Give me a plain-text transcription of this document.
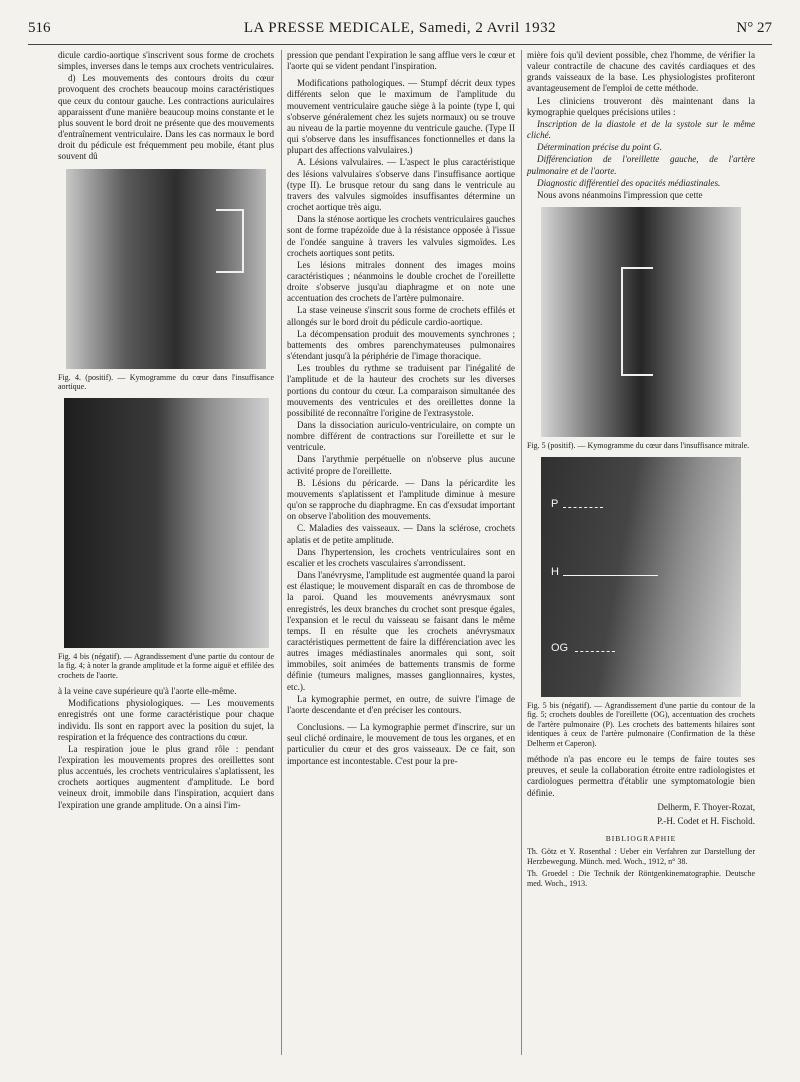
516	LA PRESSE MEDICALE, Samedi, 2 Avril 1932	N° 27
dicule cardio-aortique s'inscrivent sous forme de crochets simples, inverses dans le temps aux crochets ventriculaires.
d) Les mouvements des contours droits du cœur provoquent des crochets beaucoup moins caractéristiques que ceux du contour gauche. Les contractions auriculaires apparaissent d'une manière beaucoup moins constante et le plus souvent le bord droit ne présente que des mouvements d'entraînement ventriculaire. Dans les cas normaux le bord droit du pédicule est fréquemment peu mobile, étant plus souvent dû
Fig. 4. (positif). — Kymogramme du cœur dans l'insuffisance aortique.
Fig. 4 bis (négatif). — Agrandissement d'une partie du contour de la fig. 4; à noter la grande amplitude et la forme aiguë et effilée des crochets de l'aorte.
à la veine cave supérieure qu'à l'aorte elle-même.
Modifications physiologiques. — Les mouvements enregistrés ont une forme caractéristique pour chaque individu. Ils sont en rapport avec la position du sujet, la respiration et la fréquence des contractions du cœur.
La respiration joue le plus grand rôle : pendant l'expiration les mouvements propres des oreillettes sont plus accentués, les crochets ventriculaires s'aplatissent, les crochets aortiques augmentent d'amplitude. Le bord veineux droit, immobile dans l'inspiration, acquiert dans l'expiration une grande amplitude. On a ainsi l'im-
pression que pendant l'expiration le sang afflue vers le cœur et l'aorte qui se vident pendant l'inspiration.
Modifications pathologiques. — Stumpf décrit deux types différents selon que le maximum de l'amplitude du mouvement ventriculaire gauche siège à la pointe (type I, qui s'observe généralement chez les sujets normaux) ou se trouve au niveau de la partie moyenne du ventricule gauche. (Type II qui s'observe dans les insuffisances fonctionnelles et dans la plupart des affections valvulaires.)
A. Lésions valvulaires. — L'aspect le plus caractéristique des lésions valvulaires s'observe dans l'insuffisance aortique (type II). Le brusque retour du sang dans le ventricule au travers des valvules sigmoïdes insuffisantes détermine un crochet aortique très aigu.
Dans la sténose aortique les crochets ventriculaires gauches sont de forme trapézoïde due à la résistance opposée à l'issue de l'ondée sanguine à travers les valvules sigmoïdes. Les crochets aortiques sont petits.
Les lésions mitrales donnent des images moins caractéristiques ; néanmoins le double crochet de l'oreillette droite s'observe jusqu'au diaphragme et on note une accentuation des crochets de l'artère pulmonaire.
La stase veineuse s'inscrit sous forme de crochets effilés et allongés sur le bord droit du pédicule cardio-aortique.
La décompensation produit des mouvements synchrones ; battements des ombres parenchymateuses pulmonaires s'étendant jusqu'à la périphérie de l'image thoracique.
Les troubles du rythme se traduisent par l'inégalité de l'amplitude et de la hauteur des crochets sur les diverses portions du contour du cœur. La comparaison simultanée des mouvements des ventricules et des oreillettes donne la possibilité de reconnaître l'origine de l'extrasystole.
Dans la dissociation auriculo-ventriculaire, on compte un nombre différent de contractions sur l'oreillette et sur le ventricule.
Dans l'arythmie perpétuelle on n'observe plus aucune activité propre de l'oreillette.
B. Lésions du péricarde. — Dans la péricardite les mouvements s'aplatissent et l'amplitude diminue à mesure qu'on se rapproche du diaphragme. En cas d'exsudat important on observe l'abolition des mouvements.
C. Maladies des vaisseaux. — Dans la sclérose, crochets aplatis et de petite amplitude.
Dans l'hypertension, les crochets ventriculaires sont en escalier et les crochets vasculaires s'arrondissent.
Dans l'anévrysme, l'amplitude est augmentée quand la paroi est élastique; le mouvement disparaît en cas de thrombose de la paroi. Quand les mouvements anévrysmaux sont enregistrés, les deux branches du crochet sont presque égales, l'expansion et le recul du vaisseau se faisant dans le même temps. Il en résulte que les crochets anévrysmaux caractéristiques permettent de faire la différenciation avec les autres images médiastinales anormales qui sont, soit immobiles, soit animées de battements transmis de forme définie (tumeurs malignes, masses ganglionnaires, kystes, etc.).
La kymographie permet, en outre, de suivre l'image de l'aorte descendante et d'en préciser les contours.
Conclusions. — La kymographie permet d'inscrire, sur un seul cliché ordinaire, le mouvement de tous les organes, et en particulier du cœur et des gros vaisseaux. De ce fait, son importance est incontestable. C'est pour la pre-
mière fois qu'il devient possible, chez l'homme, de vérifier la valeur contractile de chacune des cavités cardiaques et des grands vaisseaux de la base. Les physiologistes profiteront avantageusement de l'emploi de cette méthode.
Les cliniciens trouveront dès maintenant dans la kymographie quelques précisions utiles :
Inscription de la diastole et de la systole sur le même cliché.
Détermination précise du point G.
Différenciation de l'oreillette gauche, de l'artère pulmonaire et de l'aorte.
Diagnostic différentiel des opacités médiastinales.
Nous avons néanmoins l'impression que cette
Fig. 5 (positif). — Kymogramme du cœur dans l'insuffisance mitrale.
P
H
OG
Fig. 5 bis (négatif). — Agrandissement d'une partie du contour de la fig. 5; crochets doubles de l'oreillette (OG), accentuation des crochets de l'artère pulmonaire (P). Les crochets des battements hilaires sont identiques à ceux de l'artère pulmonaire (Confirmation de la thèse Delherm et Caperon).
méthode n'a pas encore eu le temps de faire toutes ses preuves, et seule la collaboration étroite entre radiologistes et cardiologues permettra d'établir une symptomatologie bien définie.
Delherm, F. Thoyer-Rozat,
P.-H. Codet et H. Fischold.
BIBLIOGRAPHIE
Th. Götz et Y. Rosenthal : Ueber ein Verfahren zur Darstellung der Herzbewegung. Münch. med. Woch., 1912, n° 38.
Th. Groedel : Die Technik der Röntgenkinematographie. Deutsche med. Woch., 1913.
